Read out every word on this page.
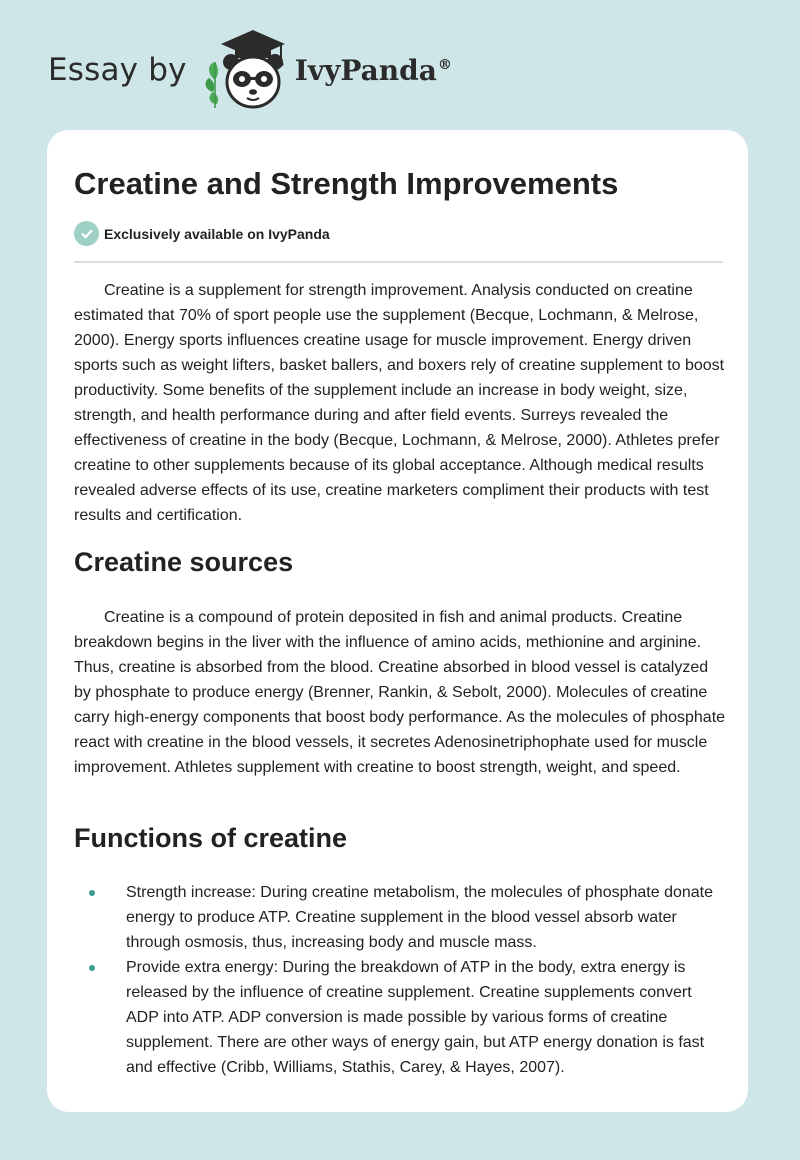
Essay by	IvyPanda®
Creatine and Strength Improvements
Exclusively available on IvyPanda

Creatine is a supplement for strength improvement. Analysis conducted on creatine estimated that 70% of sport people use the supplement (Becque, Lochmann, & Melrose, 2000). Energy sports influences creatine usage for muscle improvement. Energy driven sports such as weight lifters, basket ballers, and boxers rely of creatine supplement to boost productivity. Some benefits of the supplement include an increase in body weight, size, strength, and health performance during and after field events. Surreys revealed the effectiveness of creatine in the body (Becque, Lochmann, & Melrose, 2000). Athletes prefer creatine to other supplements because of its global acceptance. Although medical results revealed adverse effects of its use, creatine marketers compliment their products with test results and certification.

Creatine sources

Creatine is a compound of protein deposited in fish and animal products. Creatine breakdown begins in the liver with the influence of amino acids, methionine and arginine. Thus, creatine is absorbed from the blood. Creatine absorbed in blood vessel is catalyzed by phosphate to produce energy (Brenner, Rankin, & Sebolt, 2000). Molecules of creatine carry high-energy components that boost body performance. As the molecules of phosphate react with creatine in the blood vessels, it secretes Adenosinetriphophate used for muscle improvement. Athletes supplement with creatine to boost strength, weight, and speed.

Functions of creatine
Strength increase: During creatine metabolism, the molecules of phosphate donate energy to produce ATP. Creatine supplement in the blood vessel absorb water through osmosis, thus, increasing body and muscle mass.
Provide extra energy: During the breakdown of ATP in the body, extra energy is released by the influence of creatine supplement. Creatine supplements convert ADP into ATP. ADP conversion is made possible by various forms of creatine supplement. There are other ways of energy gain, but ATP energy donation is fast and effective (Cribb, Williams, Stathis, Carey, & Hayes, 2007).
